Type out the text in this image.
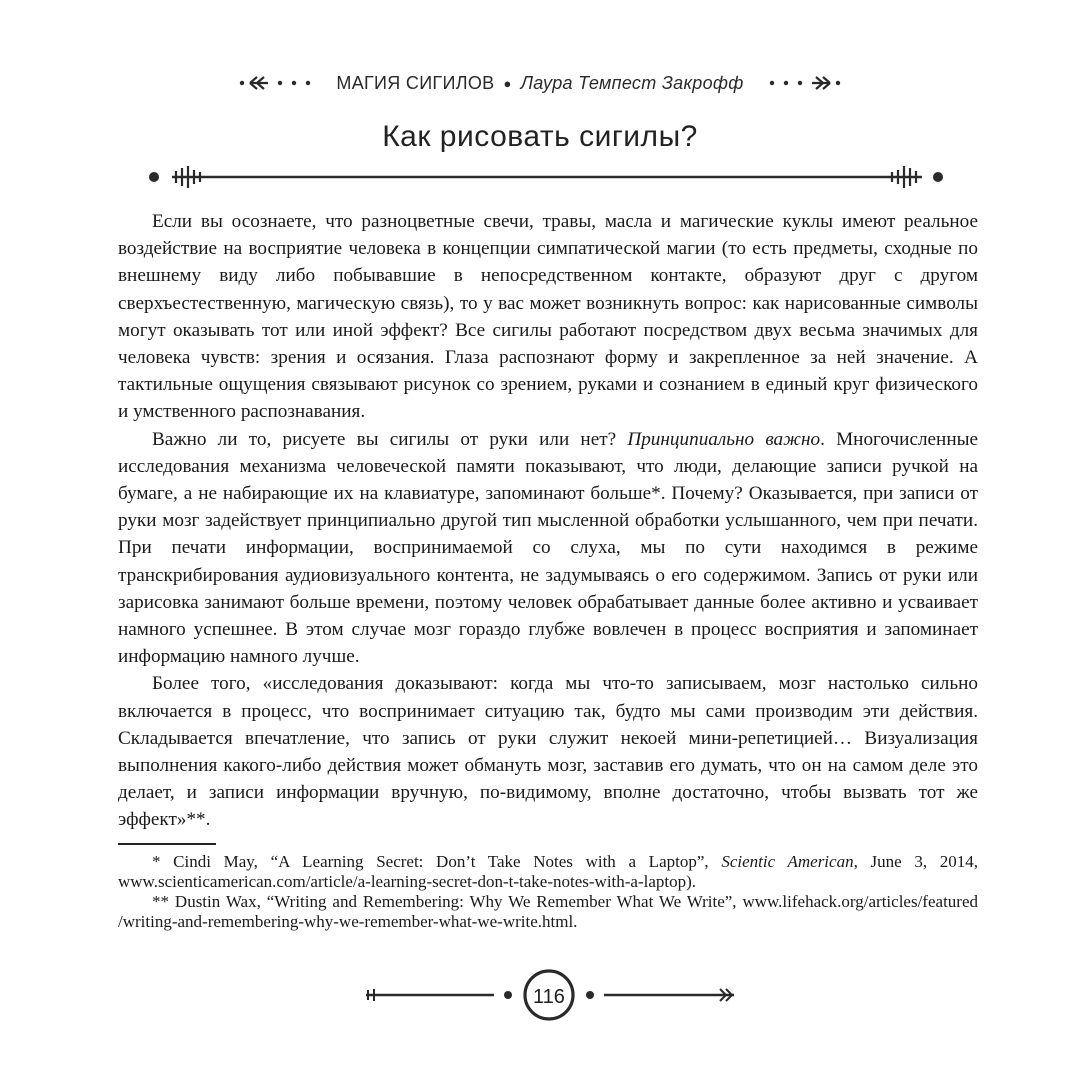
МАГИЯ СИГИЛОВ ● Лаура Темпест Закрофф
Как рисовать сигилы?

Если вы осознаете, что разноцветные свечи, травы, масла и магические куклы имеют реальное воздействие на восприятие человека в концепции симпатической магии (то есть предметы, сходные по внешнему виду либо побывавшие в непосредственном контакте, образуют друг с другом сверхъестественную, магическую связь), то у вас может возникнуть вопрос: как нарисованные символы могут оказывать тот или иной эффект? Все сигилы работают посредством двух весьма значимых для человека чувств: зрения и осязания. Глаза распознают форму и закрепленное за ней значение. А тактильные ощущения связывают рисунок со зрением, руками и сознанием в единый круг физического и умственного распознавания.

Важно ли то, рисуете вы сигилы от руки или нет? Принципиально важно. Многочисленные исследования механизма человеческой памяти показывают, что люди, делающие записи ручкой на бумаге, а не набирающие их на клавиатуре, запоминают больше*. Почему? Оказывается, при записи от руки мозг задействует принципиально другой тип мысленной обработки услышанного, чем при печати. При печати информации, воспринимаемой со слуха, мы по сути находимся в режиме транскрибирования аудиовизуального контента, не задумываясь о его содержимом. Запись от руки или зарисовка занимают больше времени, поэтому человек обрабатывает данные более активно и усваивает намного успешнее. В этом случае мозг гораздо глубже вовлечен в процесс восприятия и запоминает информацию намного лучше.

Более того, «исследования доказывают: когда мы что-то записываем, мозг настолько сильно включается в процесс, что воспринимает ситуацию так, будто мы сами производим эти действия. Складывается впечатление, что запись от руки служит некоей мини-репетицией… Визуализация выполнения какого-либо действия может обмануть мозг, заставив его думать, что он на самом деле это делает, и записи информации вручную, по-видимому, вполне достаточно, чтобы вызвать тот же эффект»**.

* Cindi May, “A Learning Secret: Don’t Take Notes with a Laptop”, Scientic American, June 3, 2014, www.scienticamerican.com/article/a-learning-secret-don-t-take-notes-with-a-laptop).

** Dustin Wax, “Writing and Remembering: Why We Remember What We Write”, www.lifehack.org/articles/featured /writing-and-remembering-why-we-remember-what-we-write.html.

116
